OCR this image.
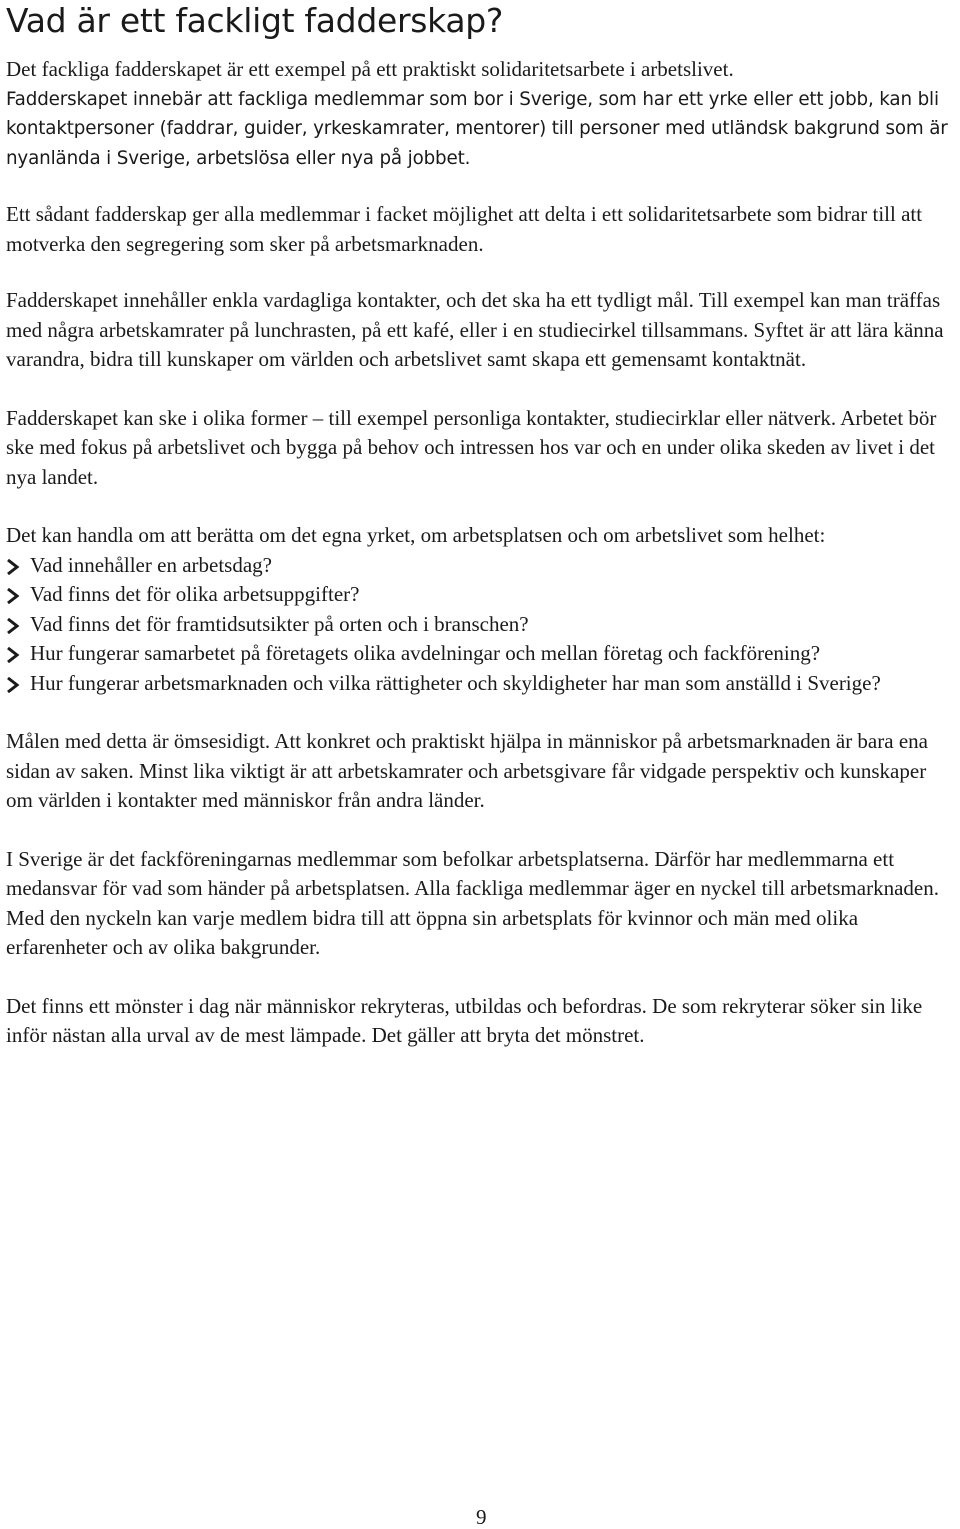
Vad är ett fackligt fadderskap?

Det fackliga fadderskapet är ett exempel på ett praktiskt solidaritetsarbete i arbetslivet.

Fadderskapet innebär att fackliga medlemmar som bor i Sverige, som har ett yrke eller ett jobb, kan bli kontaktpersoner (faddrar, guider, yrkeskamrater, mentorer) till personer med utländsk bakgrund som är nyanlända i Sverige, arbetslösa eller nya på jobbet.

Ett sådant fadderskap ger alla medlemmar i facket möjlighet att delta i ett solidaritetsarbete som bidrar till att motverka den segregering som sker på arbetsmarknaden.

Fadderskapet innehåller enkla vardagliga kontakter, och det ska ha ett tydligt mål. Till exempel kan man träffas med några arbetskamrater på lunchrasten, på ett kafé, eller i en studiecirkel tillsammans. Syftet är att lära känna varandra, bidra till kunskaper om världen och arbetslivet samt skapa ett gemensamt kontaktnät.

Fadderskapet kan ske i olika former – till exempel personliga kontakter, studiecirklar eller nätverk. Arbetet bör ske med fokus på arbetslivet och bygga på behov och intressen hos var och en under olika skeden av livet i det nya landet.

Det kan handla om att berätta om det egna yrket, om arbetsplatsen och om arbetslivet som helhet:

Vad innehåller en arbetsdag?
Vad finns det för olika arbetsuppgifter?
Vad finns det för framtidsutsikter på orten och i branschen?
Hur fungerar samarbetet på företagets olika avdelningar och mellan företag och fackförening?
Hur fungerar arbetsmarknaden och vilka rättigheter och skyldigheter har man som anställd i Sverige?

Målen med detta är ömsesidigt. Att konkret och praktiskt hjälpa in människor på arbetsmarknaden är bara ena sidan av saken. Minst lika viktigt är att arbetskamrater och arbetsgivare får vidgade perspektiv och kunskaper om världen i kontakter med människor från andra länder.

I Sverige är det fackföreningarnas medlemmar som befolkar arbetsplatserna. Därför har medlemmarna ett medansvar för vad som händer på arbetsplatsen. Alla fackliga medlemmar äger en nyckel till arbetsmarknaden. Med den nyckeln kan varje medlem bidra till att öppna sin arbetsplats för kvinnor och män med olika erfarenheter och av olika bakgrunder.

Det finns ett mönster i dag när människor rekryteras, utbildas och befordras. De som rekryterar söker sin like inför nästan alla urval av de mest lämpade. Det gäller att bryta det mönstret.

9
